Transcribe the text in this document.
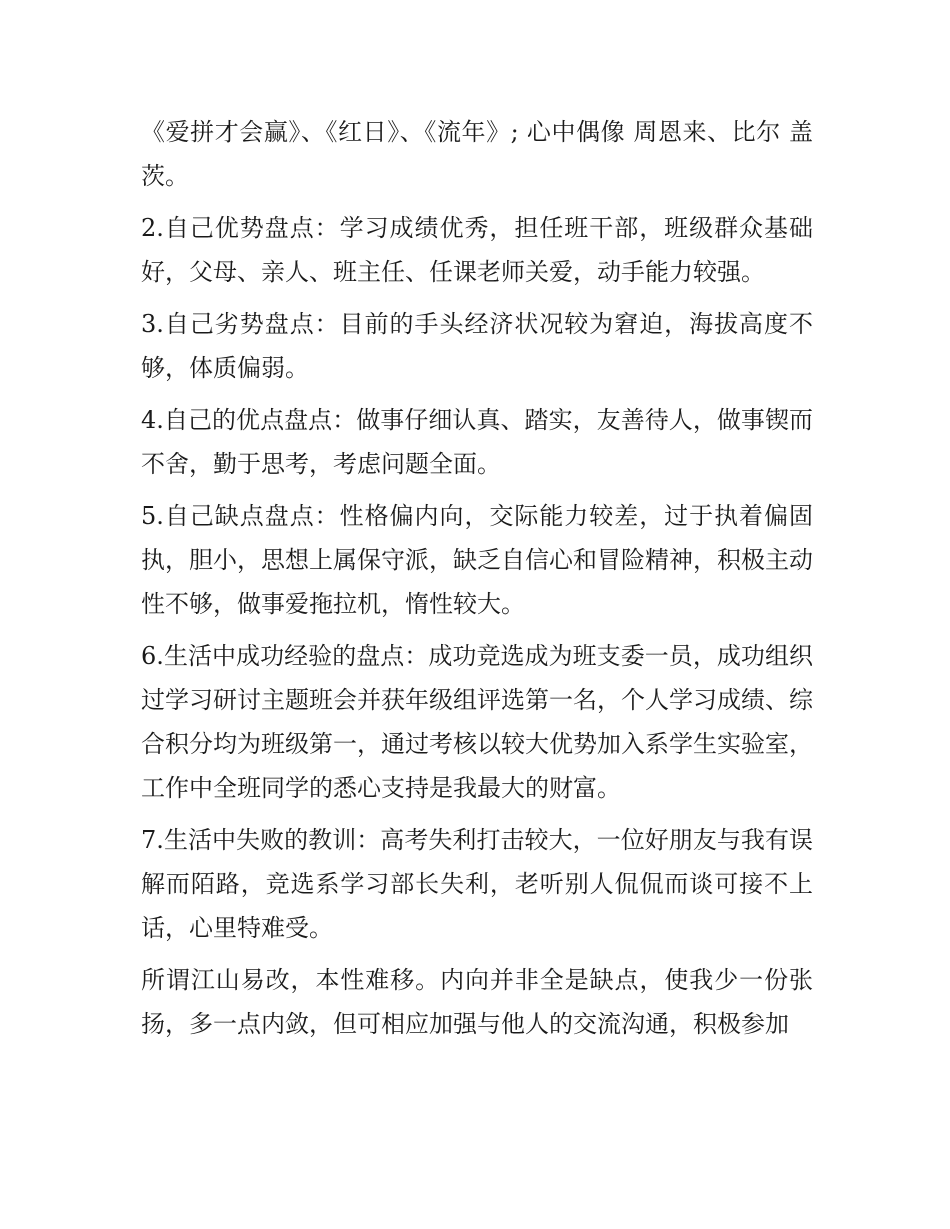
《爱拼才会赢》、《红日》、《流年》; 心中偶像 周恩来、比尔 盖茨。

2.自己优势盘点：学习成绩优秀，担任班干部，班级群众基础好，父母、亲人、班主任、任课老师关爱，动手能力较强。

3.自己劣势盘点：目前的手头经济状况较为窘迫，海拔高度不够，体质偏弱。

4.自己的优点盘点：做事仔细认真、踏实，友善待人，做事锲而不舍，勤于思考，考虑问题全面。

5.自己缺点盘点：性格偏内向，交际能力较差，过于执着偏固执，胆小，思想上属保守派，缺乏自信心和冒险精神，积极主动性不够，做事爱拖拉机，惰性较大。

6.生活中成功经验的盘点：成功竞选成为班支委一员，成功组织过学习研讨主题班会并获年级组评选第一名，个人学习成绩、综合积分均为班级第一，通过考核以较大优势加入系学生实验室，工作中全班同学的悉心支持是我最大的财富。

7.生活中失败的教训：高考失利打击较大，一位好朋友与我有误解而陌路，竞选系学习部长失利，老听别人侃侃而谈可接不上话，心里特难受。

所谓江山易改，本性难移。内向并非全是缺点，使我少一份张扬，多一点内敛，但可相应加强与他人的交流沟通，积极参加
